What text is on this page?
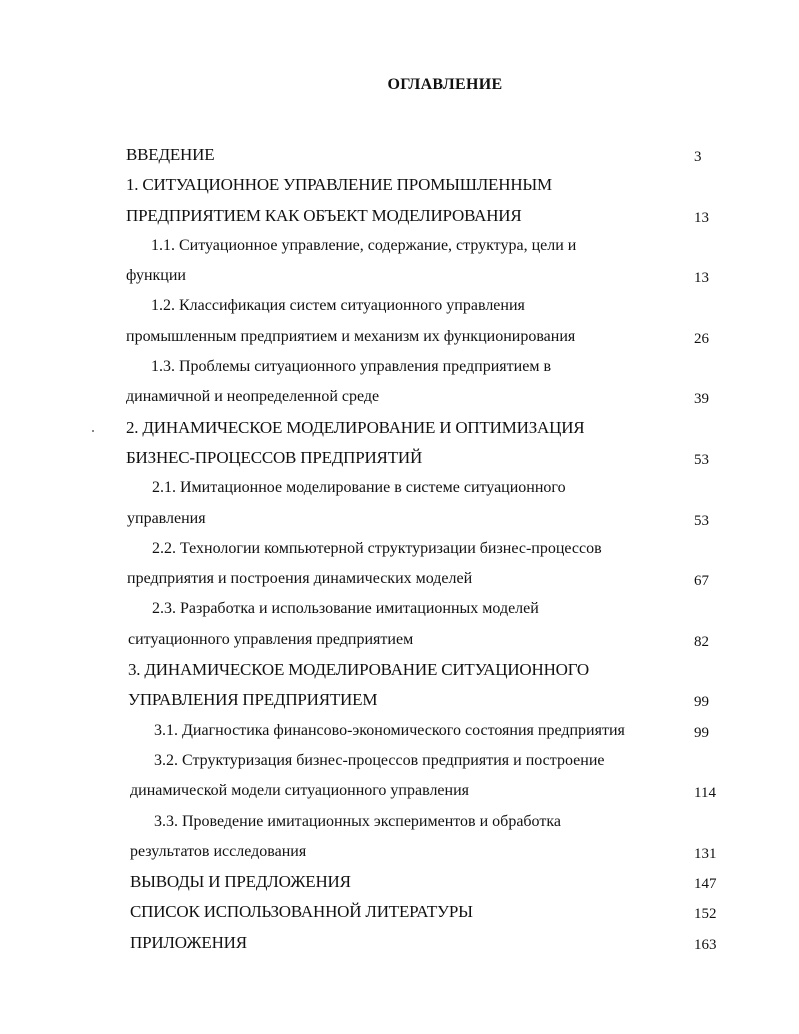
ОГЛАВЛЕНИЕ
ВВЕДЕНИЕ	3
1. СИТУАЦИОННОЕ УПРАВЛЕНИЕ ПРОМЫШЛЕННЫМ
ПРЕДПРИЯТИЕМ КАК ОБЪЕКТ МОДЕЛИРОВАНИЯ	13
1.1. Ситуационное управление, содержание, структура, цели и
функции	13
1.2. Классификация систем ситуационного управления
промышленным предприятием и механизм их функционирования	26
1.3. Проблемы ситуационного управления предприятием в
динамичной и неопределенной среде	39
2. ДИНАМИЧЕСКОЕ МОДЕЛИРОВАНИЕ И ОПТИМИЗАЦИЯ
БИЗНЕС-ПРОЦЕССОВ ПРЕДПРИЯТИЙ	53
2.1. Имитационное моделирование в системе ситуационного
управления	53
2.2. Технологии компьютерной структуризации бизнес-процессов
предприятия и построения динамических моделей	67
2.3. Разработка и использование имитационных моделей
ситуационного управления предприятием	82
3. ДИНАМИЧЕСКОЕ МОДЕЛИРОВАНИЕ СИТУАЦИОННОГО
УПРАВЛЕНИЯ ПРЕДПРИЯТИЕМ	99
3.1. Диагностика финансово-экономического состояния предприятия	99
3.2. Структуризация бизнес-процессов предприятия и построение
динамической модели ситуационного управления	114
3.3. Проведение имитационных экспериментов и обработка
результатов исследования	131
ВЫВОДЫ И ПРЕДЛОЖЕНИЯ	147
СПИСОК ИСПОЛЬЗОВАННОЙ ЛИТЕРАТУРЫ	152
ПРИЛОЖЕНИЯ	163
